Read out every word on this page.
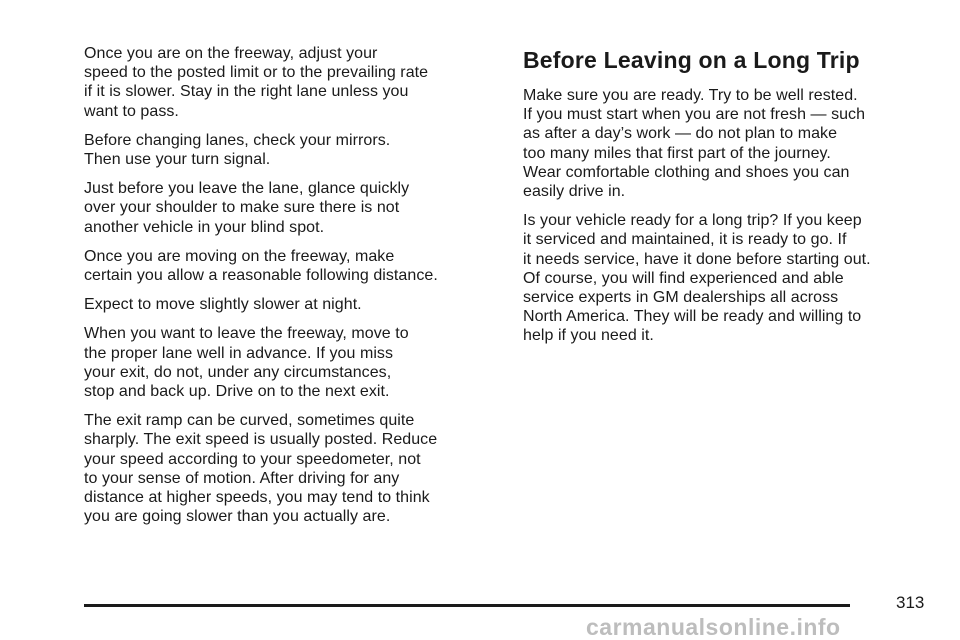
Once you are on the freeway, adjust your
speed to the posted limit or to the prevailing rate
if it is slower. Stay in the right lane unless you
want to pass.

Before changing lanes, check your mirrors.
Then use your turn signal.

Just before you leave the lane, glance quickly
over your shoulder to make sure there is not
another vehicle in your blind spot.

Once you are moving on the freeway, make
certain you allow a reasonable following distance.

Expect to move slightly slower at night.

When you want to leave the freeway, move to
the proper lane well in advance. If you miss
your exit, do not, under any circumstances,
stop and back up. Drive on to the next exit.

The exit ramp can be curved, sometimes quite
sharply. The exit speed is usually posted. Reduce
your speed according to your speedometer, not
to your sense of motion. After driving for any
distance at higher speeds, you may tend to think
you are going slower than you actually are.

Before Leaving on a Long Trip

Make sure you are ready. Try to be well rested.
If you must start when you are not fresh — such
as after a day’s work — do not plan to make
too many miles that first part of the journey.
Wear comfortable clothing and shoes you can
easily drive in.

Is your vehicle ready for a long trip? If you keep
it serviced and maintained, it is ready to go. If
it needs service, have it done before starting out.
Of course, you will find experienced and able
service experts in GM dealerships all across
North America. They will be ready and willing to
help if you need it.

313
carmanualsonline.info
